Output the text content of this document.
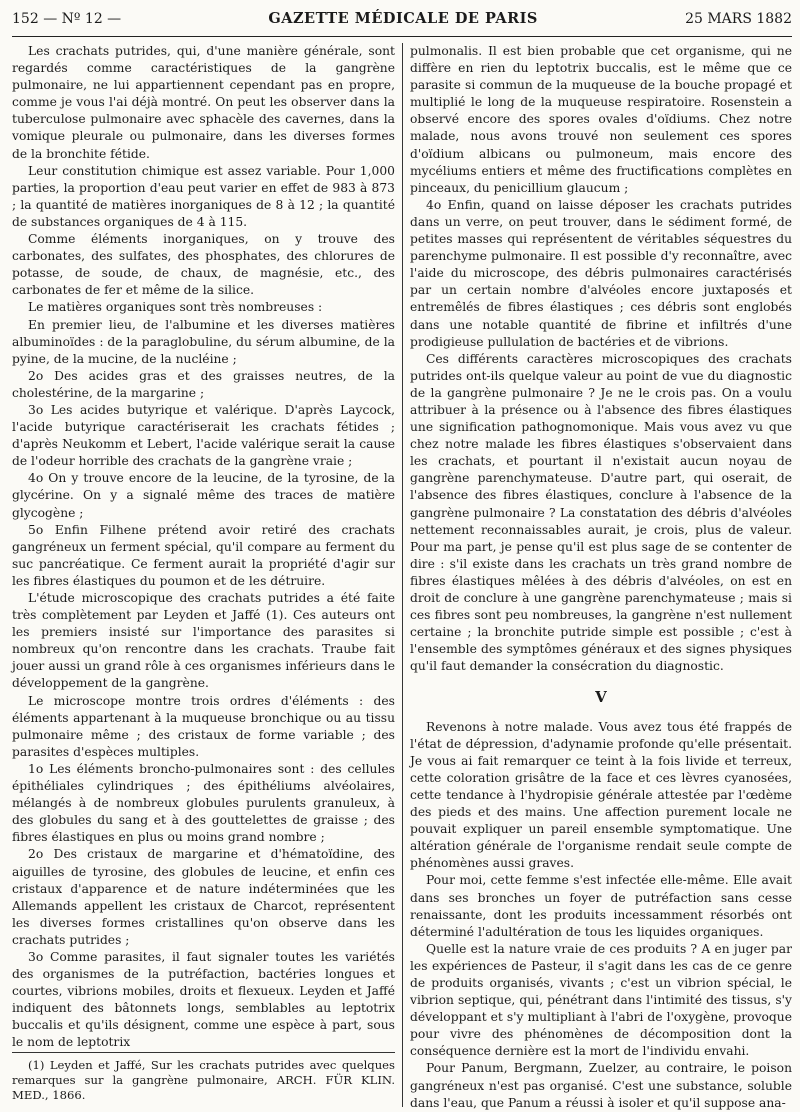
152 — Nº 12 —	GAZETTE MÉDICALE DE PARIS	25 MARS 1882

Les crachats putrides, qui, d'une manière générale, sont regardés comme caractéristiques de la gangrène pulmonaire, ne lui appartiennent cependant pas en propre, comme je vous l'ai déjà montré. On peut les observer dans la tuberculose pulmonaire avec sphacèle des cavernes, dans la vomique pleurale ou pulmonaire, dans les diverses formes de la bronchite fétide.

Leur constitution chimique est assez variable. Pour 1,000 parties, la proportion d'eau peut varier en effet de 983 à 873 ; la quantité de matières inorganiques de 8 à 12 ; la quantité de substances organiques de 4 à 115.

Comme éléments inorganiques, on y trouve des carbonates, des sulfates, des phosphates, des chlorures de potasse, de soude, de chaux, de magnésie, etc., des carbonates de fer et même de la silice.

Le matières organiques sont très nombreuses :

En premier lieu, de l'albumine et les diverses matières albuminoïdes : de la paraglobuline, du sérum albumine, de la pyine, de la mucine, de la nucléine ;

2o Des acides gras et des graisses neutres, de la cholestérine, de la margarine ;

3o Les acides butyrique et valérique. D'après Laycock, l'acide butyrique caractériserait les crachats fétides ; d'après Neukomm et Lebert, l'acide valérique serait la cause de l'odeur horrible des crachats de la gangrène vraie ;

4o On y trouve encore de la leucine, de la tyrosine, de la glycérine. On y a signalé même des traces de matière glycogène ;

5o Enfin Filhene prétend avoir retiré des crachats gangréneux un ferment spécial, qu'il compare au ferment du suc pancréatique. Ce ferment aurait la propriété d'agir sur les fibres élastiques du poumon et de les détruire.

L'étude microscopique des crachats putrides a été faite très complètement par Leyden et Jaffé (1). Ces auteurs ont les premiers insisté sur l'importance des parasites si nombreux qu'on rencontre dans les crachats. Traube fait jouer aussi un grand rôle à ces organismes inférieurs dans le développement de la gangrène.

Le microscope montre trois ordres d'éléments : des éléments appartenant à la muqueuse bronchique ou au tissu pulmonaire même ; des cristaux de forme variable ; des parasites d'espèces multiples.

1o Les éléments broncho-pulmonaires sont : des cellules épithéliales cylindriques ; des épithéliums alvéolaires, mélangés à de nombreux globules purulents granuleux, à des globules du sang et à des gouttelettes de graisse ; des fibres élastiques en plus ou moins grand nombre ;

2o Des cristaux de margarine et d'hématoïdine, des aiguilles de tyrosine, des globules de leucine, et enfin ces cristaux d'apparence et de nature indéterminées que les Allemands appellent les cristaux de Charcot, représentent les diverses formes cristallines qu'on observe dans les crachats putrides ;

3o Comme parasites, il faut signaler toutes les variétés des organismes de la putréfaction, bactéries longues et courtes, vibrions mobiles, droits et flexueux. Leyden et Jaffé indiquent des bâtonnets longs, semblables au leptotrix buccalis et qu'ils désignent, comme une espèce à part, sous le nom de leptotrix

(1) Leyden et Jaffé, Sur les crachats putrides avec quelques remarques sur la gangrène pulmonaire, ARCH. FÜR KLIN. MED., 1866.

pulmonalis. Il est bien probable que cet organisme, qui ne diffère en rien du leptotrix buccalis, est le même que ce parasite si commun de la muqueuse de la bouche propagé et multiplié le long de la muqueuse respiratoire. Rosenstein a observé encore des spores ovales d'oïdiums. Chez notre malade, nous avons trouvé non seulement ces spores d'oïdium albicans ou pulmoneum, mais encore des mycéliums entiers et même des fructifications complètes en pinceaux, du penicillium glaucum ;

4o Enfin, quand on laisse déposer les crachats putrides dans un verre, on peut trouver, dans le sédiment formé, de petites masses qui représentent de véritables séquestres du parenchyme pulmonaire. Il est possible d'y reconnaître, avec l'aide du microscope, des débris pulmonaires caractérisés par un certain nombre d'alvéoles encore juxtaposés et entremêlés de fibres élastiques ; ces débris sont englobés dans une notable quantité de fibrine et infiltrés d'une prodigieuse pullulation de bactéries et de vibrions.

Ces différents caractères microscopiques des crachats putrides ont-ils quelque valeur au point de vue du diagnostic de la gangrène pulmonaire ? Je ne le crois pas. On a voulu attribuer à la présence ou à l'absence des fibres élastiques une signification pathognomonique. Mais vous avez vu que chez notre malade les fibres élastiques s'observaient dans les crachats, et pourtant il n'existait aucun noyau de gangrène parenchymateuse. D'autre part, qui oserait, de l'absence des fibres élastiques, conclure à l'absence de la gangrène pulmonaire ? La constatation des débris d'alvéoles nettement reconnaissables aurait, je crois, plus de valeur. Pour ma part, je pense qu'il est plus sage de se contenter de dire : s'il existe dans les crachats un très grand nombre de fibres élastiques mêlées à des débris d'alvéoles, on est en droit de conclure à une gangrène parenchymateuse ; mais si ces fibres sont peu nombreuses, la gangrène n'est nullement certaine ; la bronchite putride simple est possible ; c'est à l'ensemble des symptômes généraux et des signes physiques qu'il faut demander la consécration du diagnostic.

V

Revenons à notre malade. Vous avez tous été frappés de l'état de dépression, d'adynamie profonde qu'elle présentait. Je vous ai fait remarquer ce teint à la fois livide et terreux, cette coloration grisâtre de la face et ces lèvres cyanosées, cette tendance à l'hydropisie générale attestée par l'œdème des pieds et des mains. Une affection purement locale ne pouvait expliquer un pareil ensemble symptomatique. Une altération générale de l'organisme rendait seule compte de phénomènes aussi graves.

Pour moi, cette femme s'est infectée elle-même. Elle avait dans ses bronches un foyer de putréfaction sans cesse renaissante, dont les produits incessamment résorbés ont déterminé l'adultération de tous les liquides organiques.

Quelle est la nature vraie de ces produits ? A en juger par les expériences de Pasteur, il s'agit dans les cas de ce genre de produits organisés, vivants ; c'est un vibrion spécial, le vibrion septique, qui, pénétrant dans l'intimité des tissus, s'y développant et s'y multipliant à l'abri de l'oxygène, provoque pour vivre des phénomènes de décomposition dont la conséquence dernière est la mort de l'individu envahi.

Pour Panum, Bergmann, Zuelzer, au contraire, le poison gangréneux n'est pas organisé. C'est une substance, soluble dans l'eau, que Panum a réussi à isoler et qu'il suppose ana-
